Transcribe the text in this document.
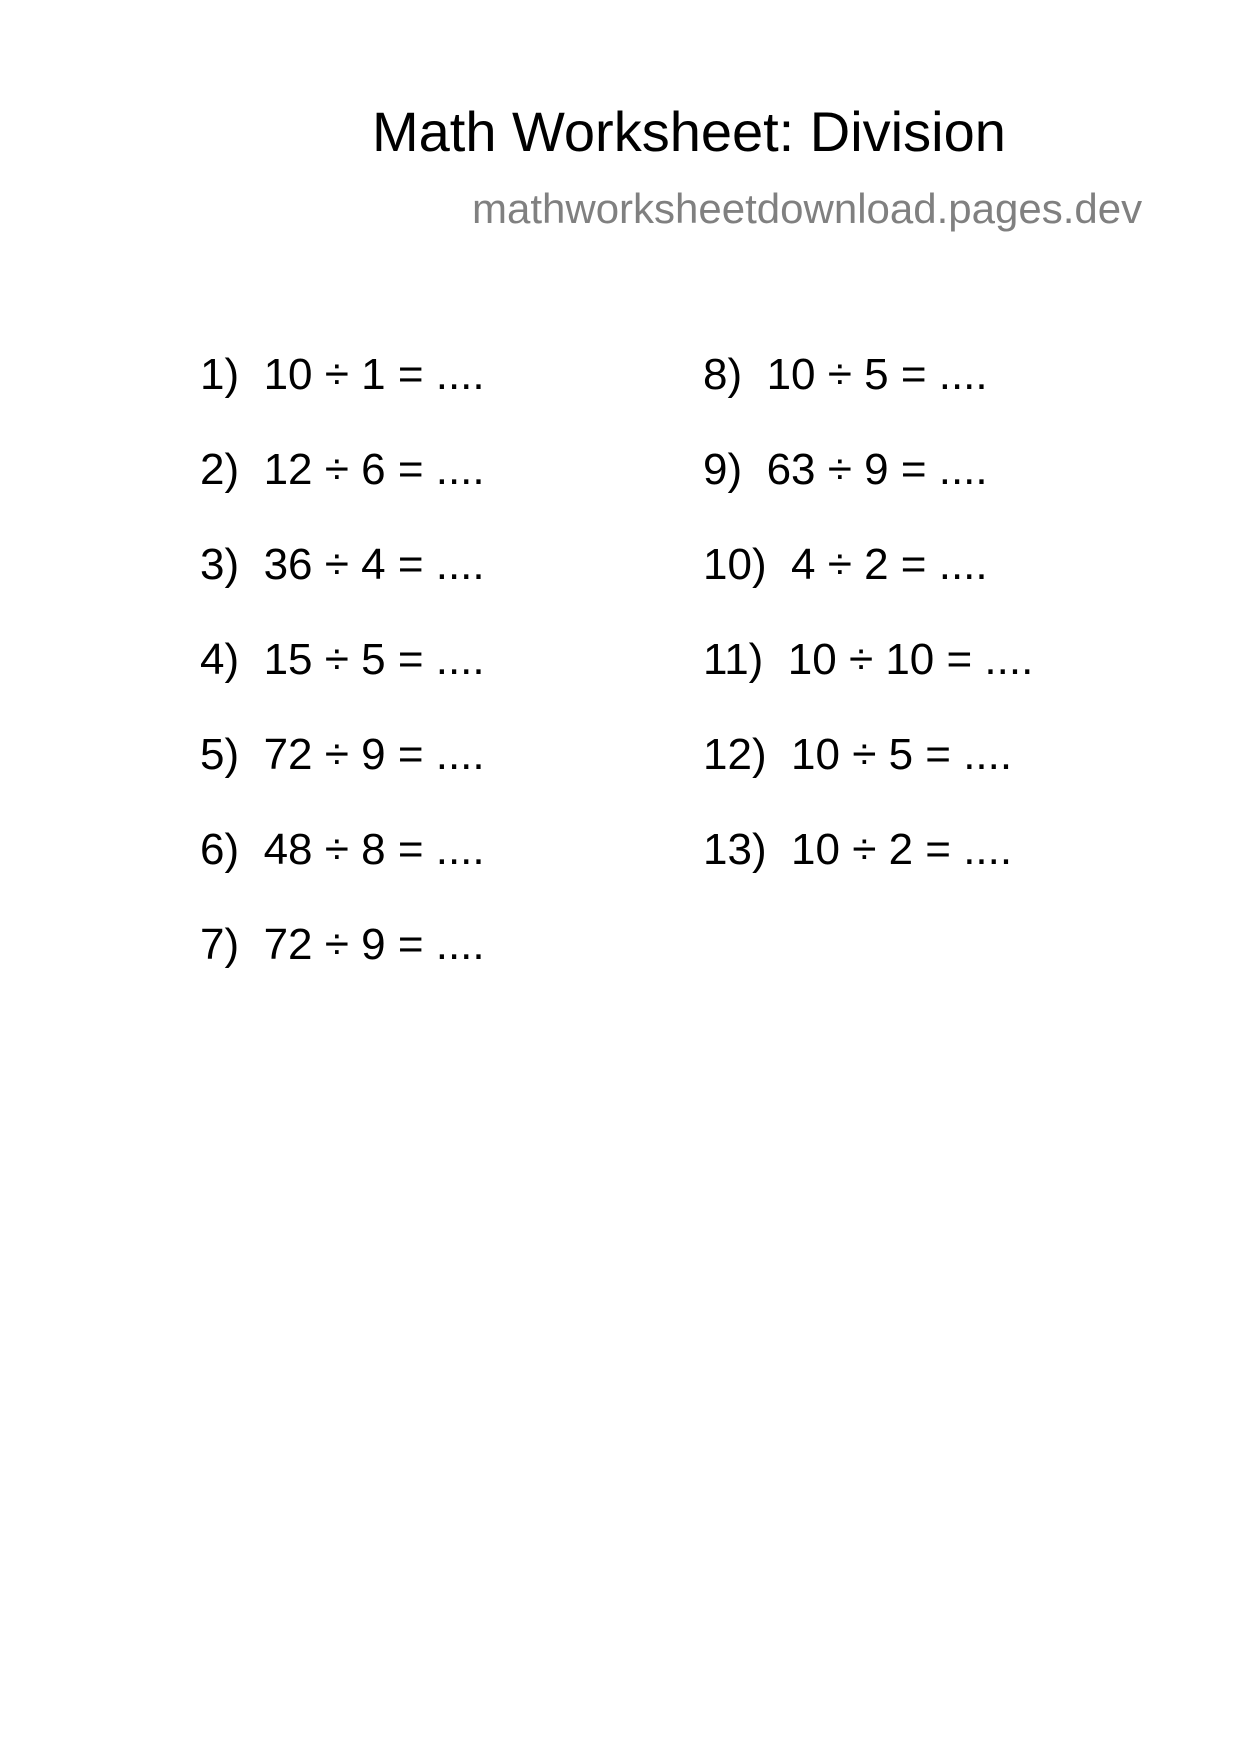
Math Worksheet: Division
mathworksheetdownload.pages.dev
1) 10 ÷ 1 = ....
2) 12 ÷ 6 = ....
3) 36 ÷ 4 = ....
4) 15 ÷ 5 = ....
5) 72 ÷ 9 = ....
6) 48 ÷ 8 = ....
7) 72 ÷ 9 = ....
8) 10 ÷ 5 = ....
9) 63 ÷ 9 = ....
10) 4 ÷ 2 = ....
11) 10 ÷ 10 = ....
12) 10 ÷ 5 = ....
13) 10 ÷ 2 = ....
